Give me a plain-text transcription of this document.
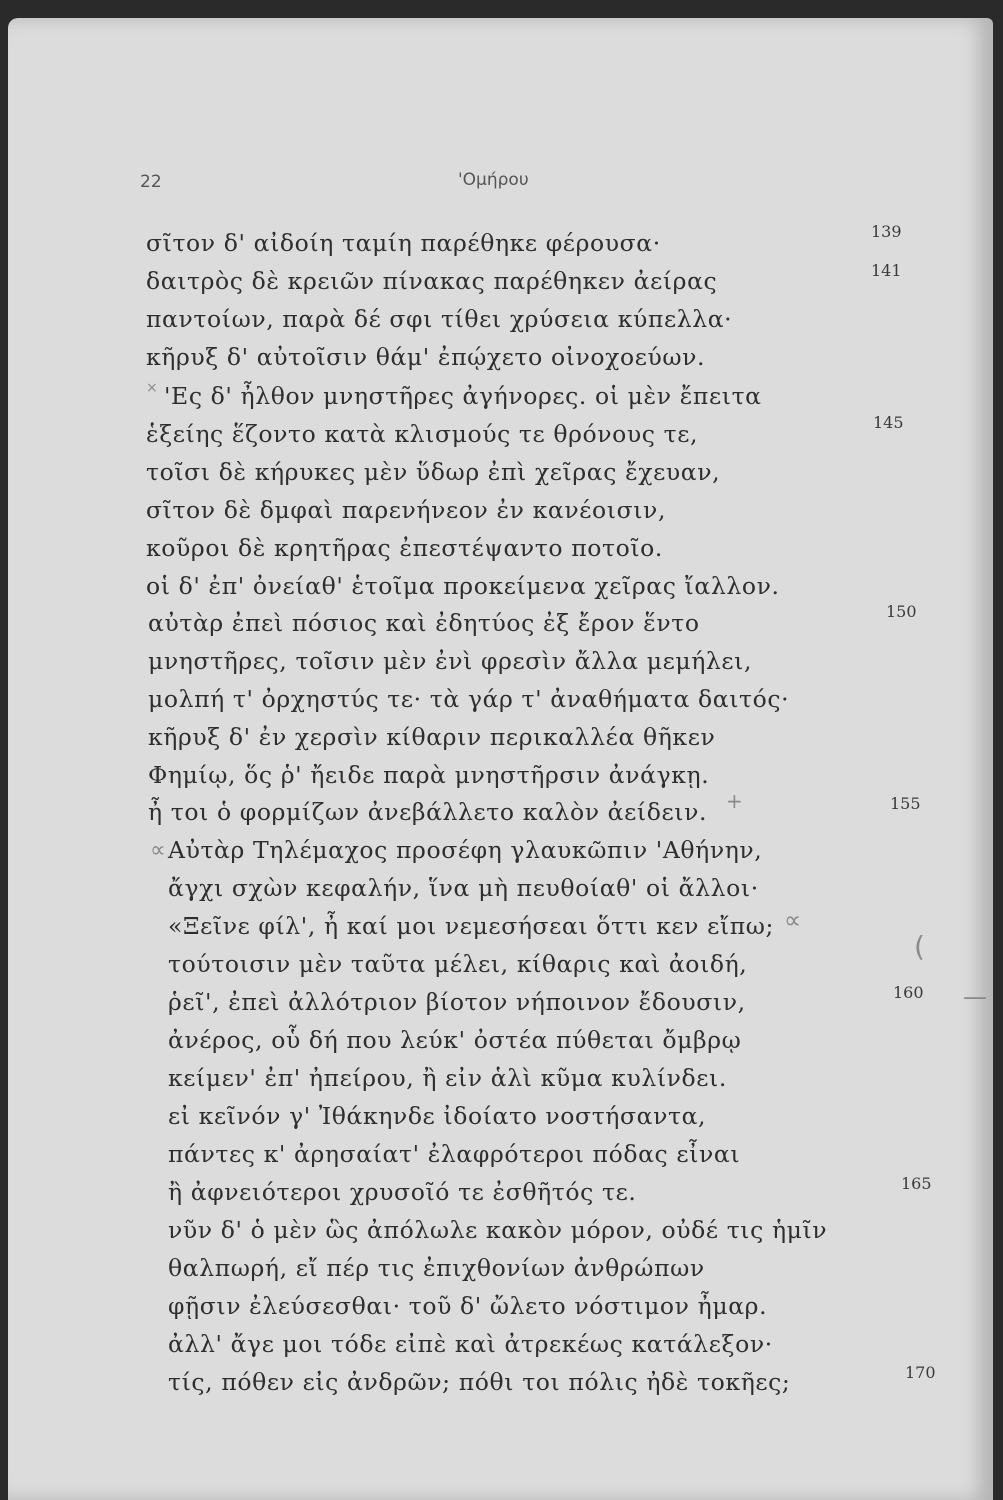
22	'Ομήρου
σῖτον δ' αἰδοίη ταμίη παρέθηκε φέρουσα·
δαιτρὸς δὲ κρειῶν πίνακας παρέθηκεν ἀείρας
παντοίων, παρὰ δέ σφι τίθει χρύσεια κύπελλα·
κῆρυξ δ' αὐτοῖσιν θάμ' ἐπῴχετο οἰνοχοεύων.
'Ες δ' ἦλθον μνηστῆρες ἀγήνορες. οἱ μὲν ἔπειτα
ἑξείης ἕζοντο κατὰ κλισμούς τε θρόνους τε,
τοῖσι δὲ κήρυκες μὲν ὕδωρ ἐπὶ χεῖρας ἔχευαν,
σῖτον δὲ δμφαὶ παρενήνεον ἐν κανέοισιν,
κοῦροι δὲ κρητῆρας ἐπεστέψαντο ποτοῖο.
οἱ δ' ἐπ' ὀνείαθ' ἑτοῖμα προκείμενα χεῖρας ἴαλλον.
αὐτὰρ ἐπεὶ πόσιος καὶ ἐδητύος ἐξ ἔρον ἕντο
μνηστῆρες, τοῖσιν μὲν ἐνὶ φρεσὶν ἄλλα μεμήλει,
μολπή τ' ὀρχηστύς τε· τὰ γάρ τ' ἀναθήματα δαιτός·
κῆρυξ δ' ἐν χερσὶν κίθαριν περικαλλέα θῆκεν
Φημίῳ, ὅς ῥ' ἤειδε παρὰ μνηστῆρσιν ἀνάγκῃ.
ἦ τοι ὁ φορμίζων ἀνεβάλλετο καλὸν ἀείδειν.
Αὐτὰρ Τηλέμαχος προσέφη γλαυκῶπιν 'Αθήνην,
ἄγχι σχὼν κεφαλήν, ἵνα μὴ πευθοίαθ' οἱ ἄλλοι·
«Ξεῖνε φίλ', ἦ καί μοι νεμεσήσεαι ὅττι κεν εἴπω;
τούτοισιν μὲν ταῦτα μέλει, κίθαρις καὶ ἀοιδή,
ῥεῖ', ἐπεὶ ἀλλότριον βίοτον νήποινον ἔδουσιν,
ἀνέρος, οὗ δή που λεύκ' ὀστέα πύθεται ὄμβρῳ
κείμεν' ἐπ' ἠπείρου, ἢ εἰν ἁλὶ κῦμα κυλίνδει.
εἰ κεῖνόν γ' Ἰθάκηνδε ἰδοίατο νοστήσαντα,
πάντες κ' ἀρησαίατ' ἐλαφρότεροι πόδας εἶναι
ἢ ἀφνειότεροι χρυσοῖό τε ἐσθῆτός τε.
νῦν δ' ὁ μὲν ὣς ἀπόλωλε κακὸν μόρον, οὐδέ τις ἡμῖν
θαλπωρή, εἴ πέρ τις ἐπιχθονίων ἀνθρώπων
φῇσιν ἐλεύσεσθαι· τοῦ δ' ὤλετο νόστιμον ἦμαρ.
ἀλλ' ἄγε μοι τόδε εἰπὲ καὶ ἀτρεκέως κατάλεξον·
τίς, πόθεν εἰς ἀνδρῶν; πόθι τοι πόλις ἠδὲ τοκῆες;
139
141
145
150
155
160
165
170
×
∝
∝
+
(
—
